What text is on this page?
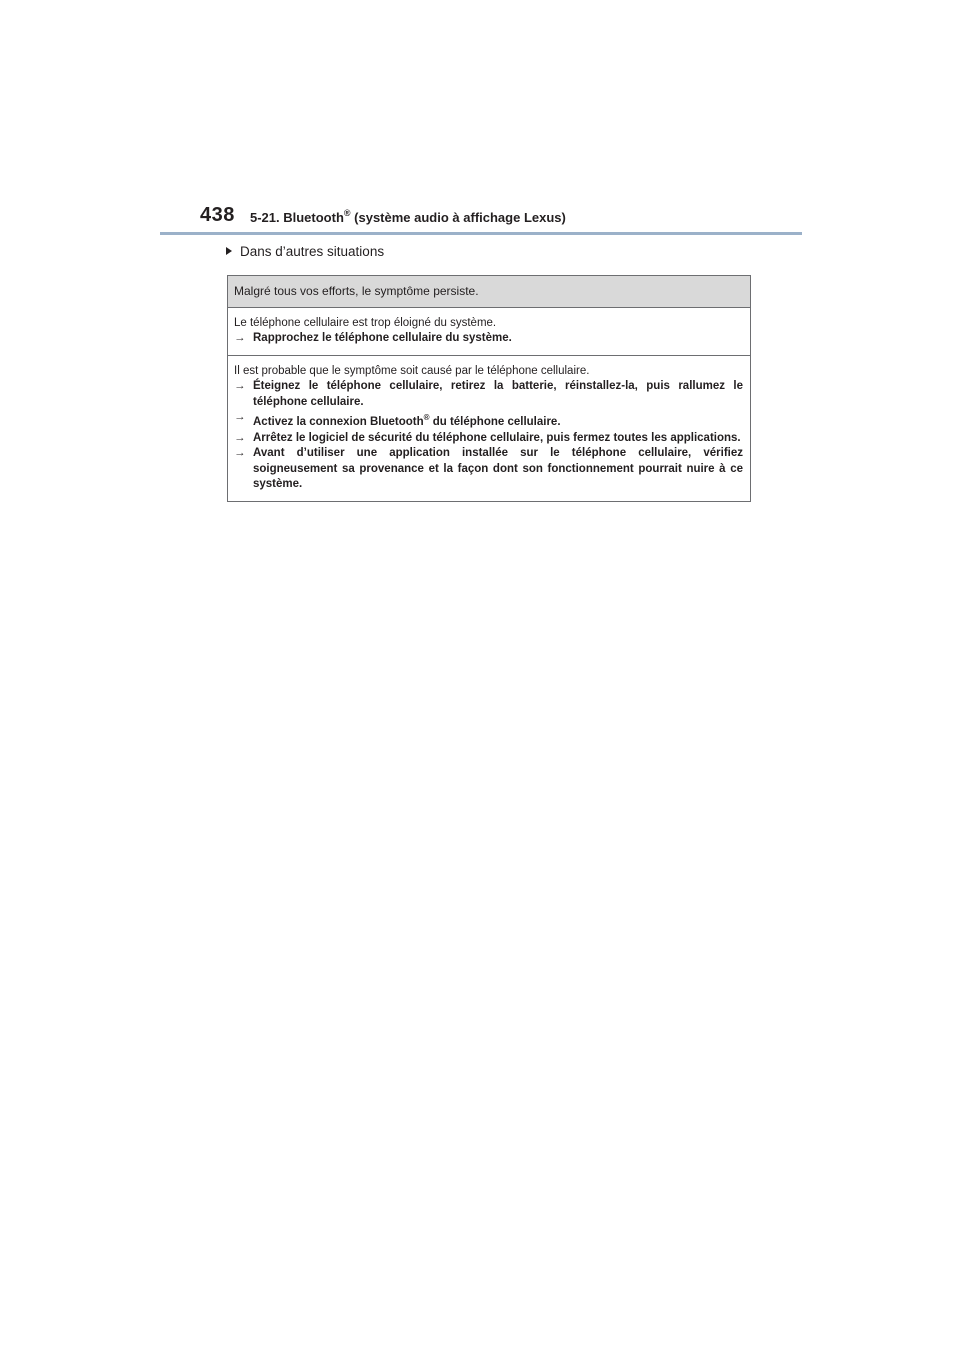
438 5-21. Bluetooth® (système audio à affichage Lexus)
Dans d’autres situations
Malgré tous vos efforts, le symptôme persiste.
Le téléphone cellulaire est trop éloigné du système.
→ Rapprochez le téléphone cellulaire du système.
Il est probable que le symptôme soit causé par le téléphone cellulaire.
→ Éteignez le téléphone cellulaire, retirez la batterie, réinstallez-la, puis rallumez le téléphone cellulaire.
→ Activez la connexion Bluetooth® du téléphone cellulaire.
→ Arrêtez le logiciel de sécurité du téléphone cellulaire, puis fermez toutes les applications.
→ Avant d’utiliser une application installée sur le téléphone cellulaire, vérifiez soigneusement sa provenance et la façon dont son fonctionnement pourrait nuire à ce système.
